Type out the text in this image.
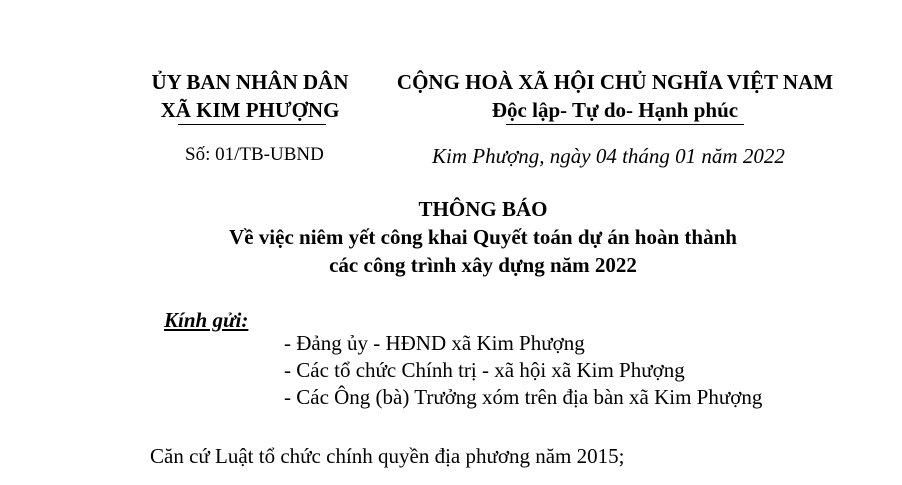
ỦY BAN NHÂN DÂN
XÃ KIM PHƯỢNG
Số: 01/TB-UBND
CỘNG HOÀ XÃ HỘI CHỦ NGHĨA VIỆT NAM
Độc lập- Tự do- Hạnh phúc
Kim Phượng, ngày 04 tháng 01 năm 2022
THÔNG BÁO
Về việc niêm yết công khai Quyết toán dự án hoàn thành
các công trình xây dựng năm 2022
Kính gửi:
- Đảng ủy - HĐND xã Kim Phượng
- Các tổ chức Chính trị - xã hội xã Kim Phượng
- Các Ông (bà) Trưởng xóm trên địa bàn xã Kim Phượng
Căn cứ Luật tổ chức chính quyền địa phương năm 2015;
